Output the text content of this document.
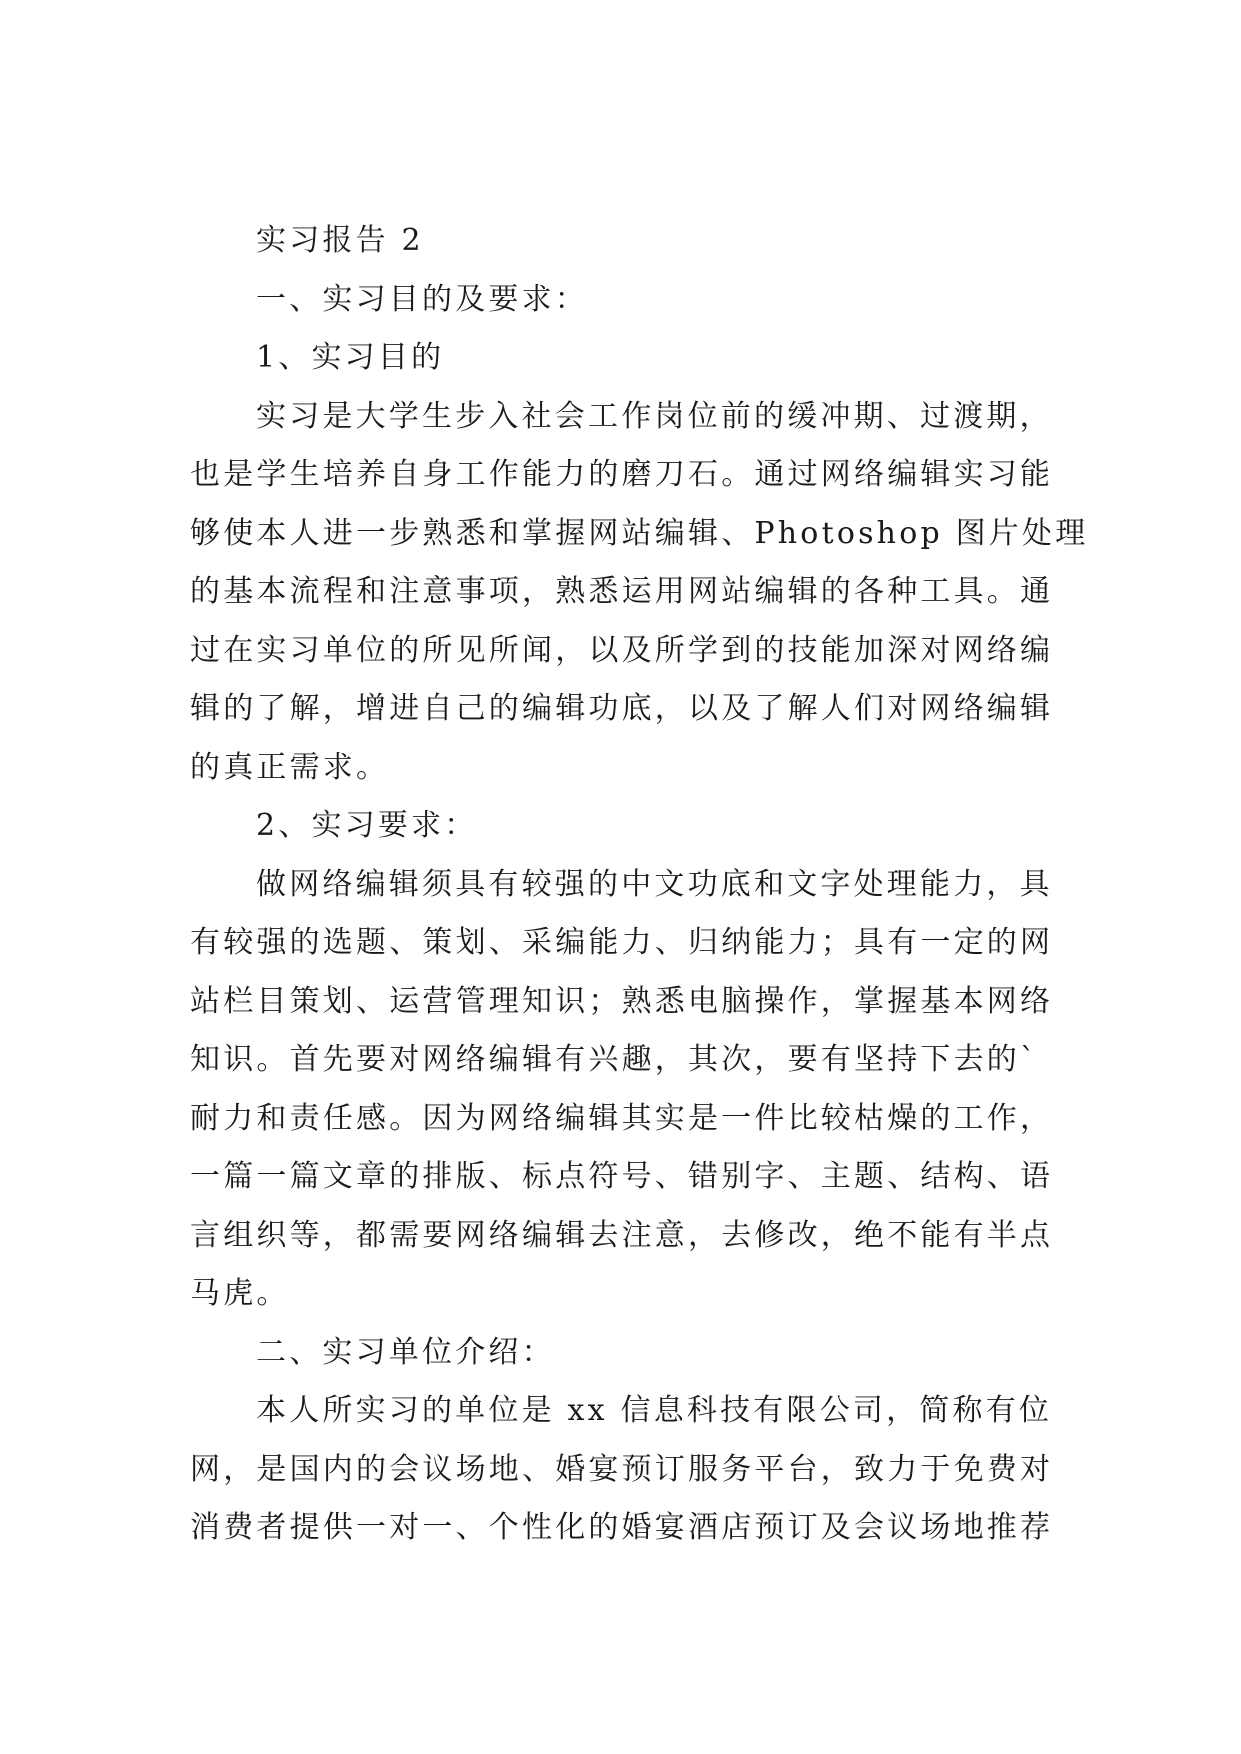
实习报告 2
一、实习目的及要求：
1、实习目的
实习是大学生步入社会工作岗位前的缓冲期、过渡期，
也是学生培养自身工作能力的磨刀石。通过网络编辑实习能
够使本人进一步熟悉和掌握网站编辑、Photoshop 图片处理
的基本流程和注意事项，熟悉运用网站编辑的各种工具。通
过在实习单位的所见所闻，以及所学到的技能加深对网络编
辑的了解，增进自己的编辑功底，以及了解人们对网络编辑
的真正需求。
2、实习要求：
做网络编辑须具有较强的中文功底和文字处理能力，具
有较强的选题、策划、采编能力、归纳能力；具有一定的网
站栏目策划、运营管理知识；熟悉电脑操作，掌握基本网络
知识。首先要对网络编辑有兴趣，其次，要有坚持下去的`
耐力和责任感。因为网络编辑其实是一件比较枯燥的工作，
一篇一篇文章的排版、标点符号、错别字、主题、结构、语
言组织等，都需要网络编辑去注意，去修改，绝不能有半点
马虎。
二、实习单位介绍：
本人所实习的单位是 xx 信息科技有限公司，简称有位
网，是国内的会议场地、婚宴预订服务平台，致力于免费对
消费者提供一对一、个性化的婚宴酒店预订及会议场地推荐
